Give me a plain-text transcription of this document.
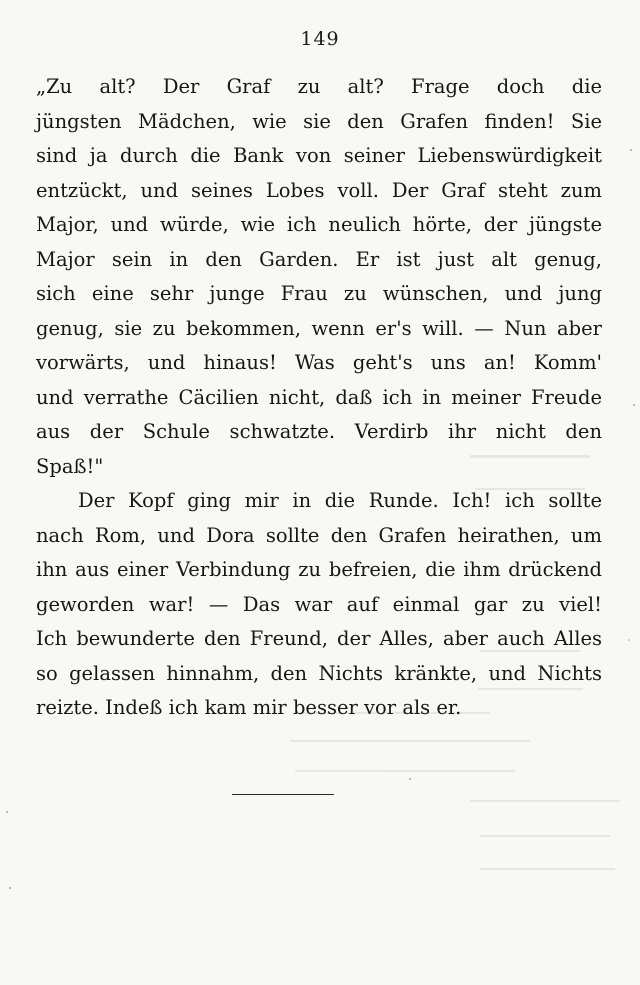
149
„Zu alt? Der Graf zu alt? Frage doch die
jüngsten Mädchen, wie sie den Grafen finden! Sie
sind ja durch die Bank von seiner Liebenswürdigkeit
entzückt, und seines Lobes voll. Der Graf steht zum
Major, und würde, wie ich neulich hörte, der jüngste
Major sein in den Garden. Er ist just alt genug,
sich eine sehr junge Frau zu wünschen, und jung
genug, sie zu bekommen, wenn er's will. — Nun aber
vorwärts, und hinaus! Was geht's uns an! Komm'
und verrathe Cäcilien nicht, daß ich in meiner Freude
aus der Schule schwatzte. Verdirb ihr nicht den
Spaß!"
Der Kopf ging mir in die Runde. Ich! ich sollte
nach Rom, und Dora sollte den Grafen heirathen, um
ihn aus einer Verbindung zu befreien, die ihm drückend
geworden war! — Das war auf einmal gar zu viel!
Ich bewunderte den Freund, der Alles, aber auch Alles
so gelassen hinnahm, den Nichts kränkte, und Nichts
reizte. Indeß ich kam mir besser vor als er.
